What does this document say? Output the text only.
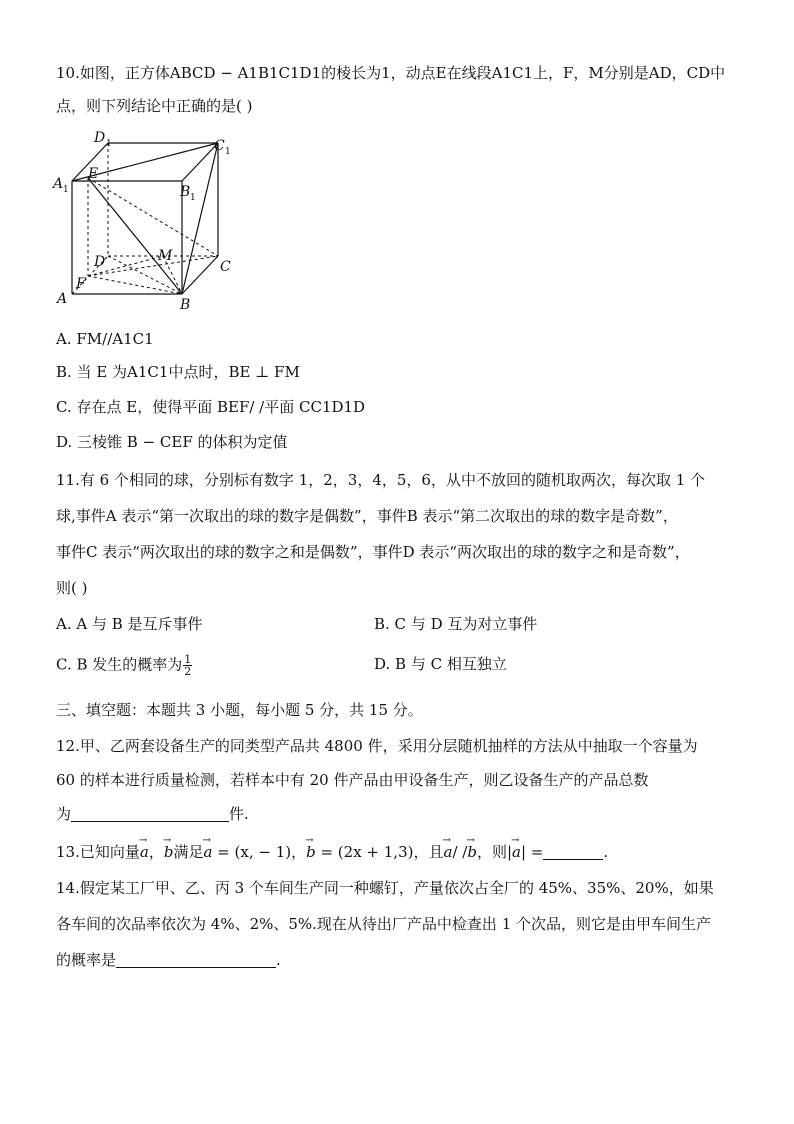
10.如图，正方体ABCD − A1B1C1D1的棱长为1，动点E在线段A1C1上，F，M分别是AD，CD中
点，则下列结论中正确的是( )
D 1	C 1
A 1
E
B 1
D	M
C
F
A	B
A. FM//A1C1
B. 当 E 为A1C1中点时，BE ⊥ FM
C. 存在点 E，使得平面 BEF/ /平面 CC1D1D
D. 三棱锥 B − CEF 的体积为定值
11.有 6 个相同的球，分别标有数字 1，2，3，4，5，6，从中不放回的随机取两次，每次取 1 个
球,事件A 表示“第一次取出的球的数字是偶数”，事件B 表示“第二次取出的球的数字是奇数”，
事件C 表示“两次取出的球的数字之和是偶数”，事件D 表示“两次取出的球的数字之和是奇数”，
则( )
A. A 与 B 是互斥事件	B. C 与 D 互为对立事件
C. B 发生的概率为 $\frac{1}{2}$	D. B 与 C 相互独立
三、填空题：本题共 3 小题，每小题 5 分，共 15 分。
12.甲、乙两套设备生产的同类型产品共 4800 件，采用分层随机抽样的方法从中抽取一个容量为
60 的样本进行质量检测，若样本中有 20 件产品由甲设备生产，则乙设备生产的产品总数
为	件.
13.已知向量→ a，→ b满足→ a = (x, − 1)，→ b = (2x + 1,3)，且→ a/ /→ b，则|→ a| =	.
14.假定某工厂甲、乙、丙 3 个车间生产同一种螺钉，产量依次占全厂的 45%、35%、20%，如果
各车间的次品率依次为 4%、2%、5%.现在从待出厂产品中检查出 1 个次品，则它是由甲车间生产
的概率是	.
